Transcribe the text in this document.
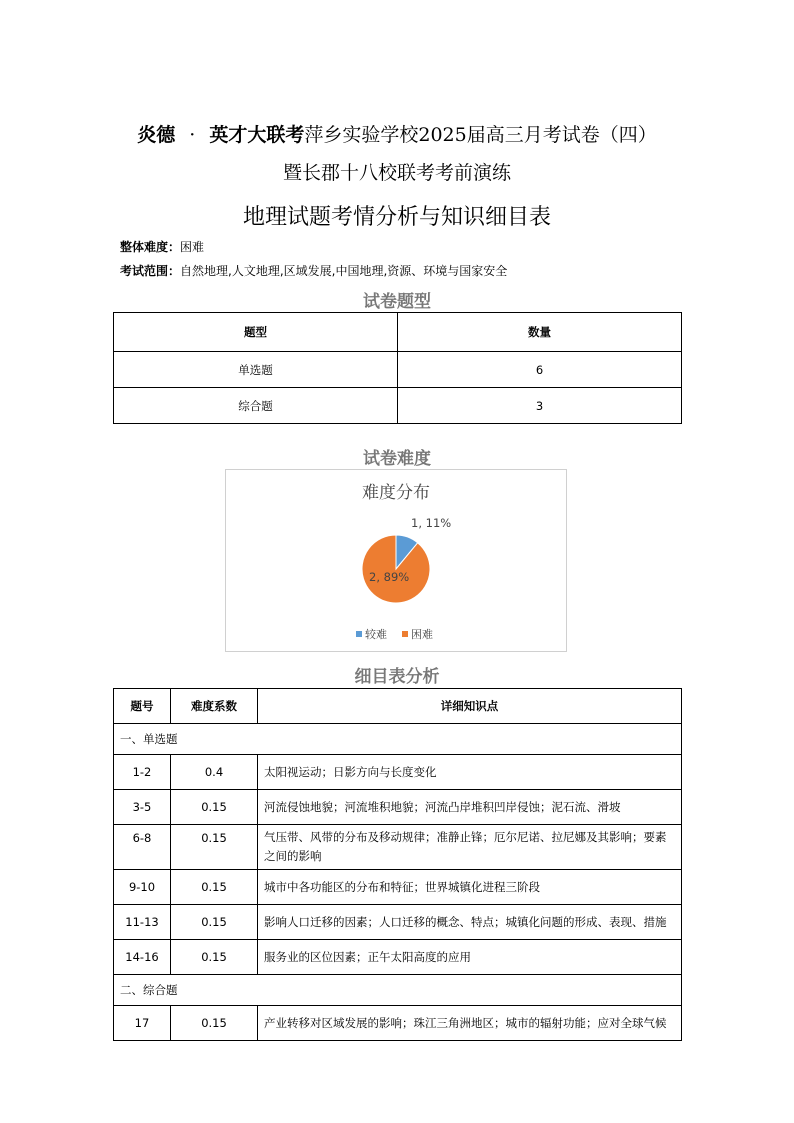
炎德 · 英才大联考萍乡实验学校2025届高三月考试卷（四）
暨长郡十八校联考考前演练
地理试题考情分析与知识细目表
整体难度：困难
考试范围：自然地理,人文地理,区域发展,中国地理,资源、环境与国家安全
试卷题型
题型	数量
单选题	6
综合题	3
试卷难度
难度分布
1, 11%
2, 89%
较难 困难
细目表分析
题号	难度系数	详细知识点
一、单选题		
1-2	0.4	太阳视运动；日影方向与长度变化
3-5	0.15	河流侵蚀地貌；河流堆积地貌；河流凸岸堆积凹岸侵蚀；泥石流、滑坡
6-8	0.15	气压带、风带的分布及移动规律；准静止锋；厄尔尼诺、拉尼娜及其影响；要素之间的影响
9-10	0.15	城市中各功能区的分布和特征；世界城镇化进程三阶段
11-13	0.15	影响人口迁移的因素；人口迁移的概念、特点；城镇化问题的形成、表现、措施
14-16	0.15	服务业的区位因素；正午太阳高度的应用
二、综合题		
17	0.15	产业转移对区域发展的影响；珠江三角洲地区；城市的辐射功能；应对全球气候
